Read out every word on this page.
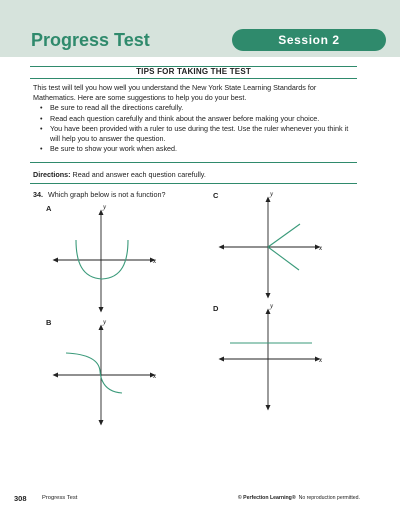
Progress Test	Session 2
TIPS FOR TAKING THE TEST
This test will tell you how well you understand the New York State Learning Standards for Mathematics. Here are some suggestions to help you do your best.
• Be sure to read all the directions carefully.
• Read each question carefully and think about the answer before making your choice.
• You have been provided with a ruler to use during the test. Use the ruler whenever you think it will help you to answer the question.
• Be sure to show your work when asked.
Directions: Read and answer each question carefully.
34. Which graph below is not a function?
A
B
C
D
y
x
y
x
y
x
y
x
308	Progress Test	© Perfection Learning® No reproduction permitted.
